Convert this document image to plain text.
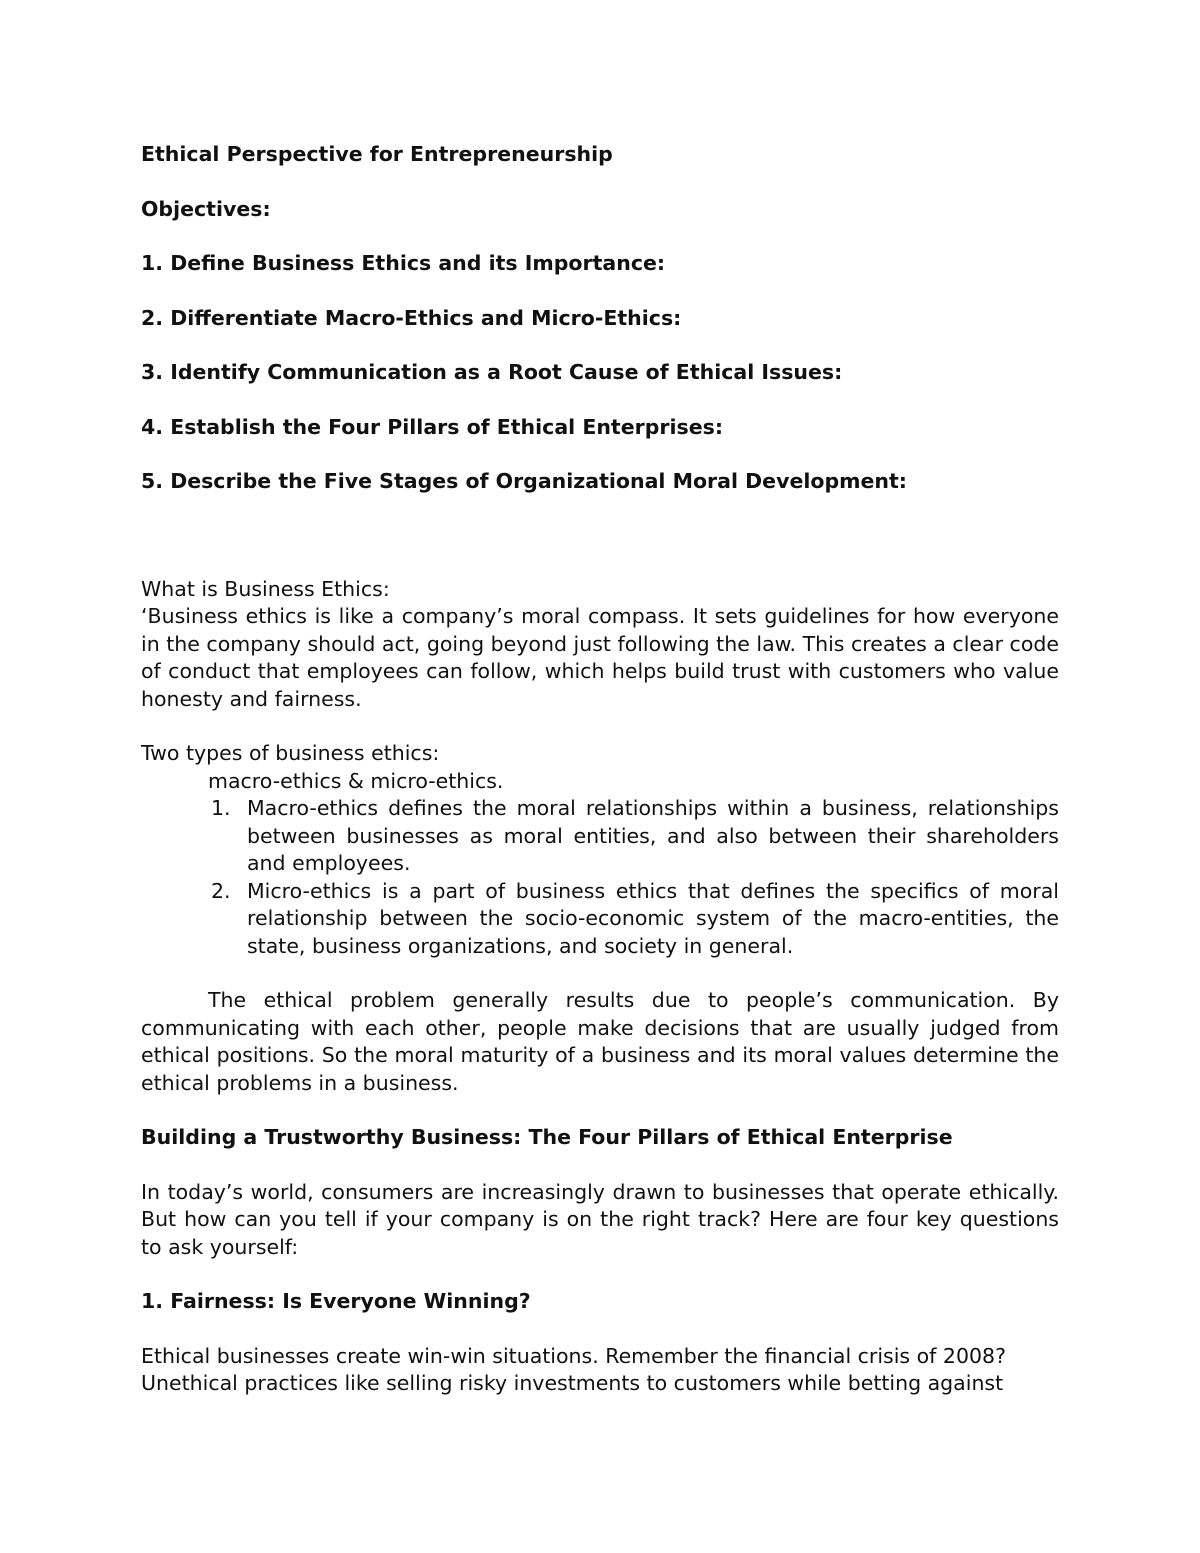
Ethical Perspective for Entrepreneurship

Objectives:

1. Define Business Ethics and its Importance:

2. Differentiate Macro-Ethics and Micro-Ethics:

3. Identify Communication as a Root Cause of Ethical Issues:

4. Establish the Four Pillars of Ethical Enterprises:

5. Describe the Five Stages of Organizational Moral Development:

What is Business Ethics:

‘Business ethics is like a company’s moral compass. It sets guidelines for how everyone in the company should act, going beyond just following the law. This creates a clear code of conduct that employees can follow, which helps build trust with customers who value honesty and fairness.

Two types of business ethics:

macro-ethics & micro-ethics.

1. Macro-ethics defines the moral relationships within a business, relationships between businesses as moral entities, and also between their shareholders and employees.
2. Micro-ethics is a part of business ethics that defines the specifics of moral relationship between the socio-economic system of the macro-entities, the state, business organizations, and society in general.

The ethical problem generally results due to people’s communication. By communicating with each other, people make decisions that are usually judged from ethical positions. So the moral maturity of a business and its moral values determine the ethical problems in a business.

Building a Trustworthy Business: The Four Pillars of Ethical Enterprise

In today’s world, consumers are increasingly drawn to businesses that operate ethically. But how can you tell if your company is on the right track? Here are four key questions to ask yourself:

1. Fairness: Is Everyone Winning?

Ethical businesses create win-win situations. Remember the financial crisis of 2008?

Unethical practices like selling risky investments to customers while betting against
